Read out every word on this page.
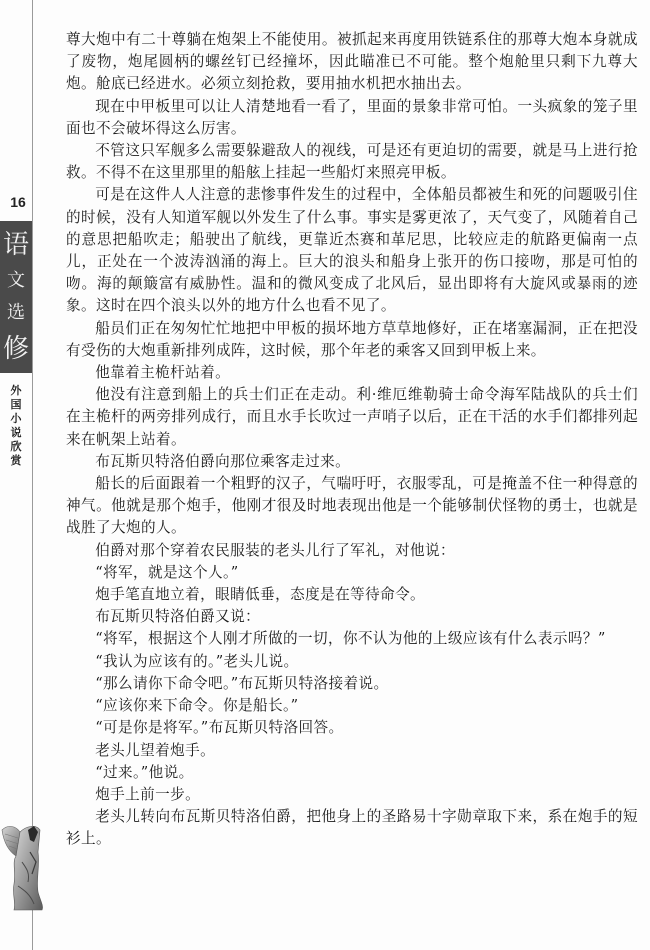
16
语
文
选
修
外
国
小
说
欣
赏

尊大炮中有二十尊躺在炮架上不能使用。被抓起来再度用铁链系住的那尊大炮本身就成了废物，炮尾圆柄的螺丝钉已经撞坏，因此瞄准已不可能。整个炮舱里只剩下九尊大炮。舱底已经进水。必须立刻抢救，要用抽水机把水抽出去。

现在中甲板里可以让人清楚地看一看了，里面的景象非常可怕。一头疯象的笼子里面也不会破坏得这么厉害。

不管这只军舰多么需要躲避敌人的视线，可是还有更迫切的需要，就是马上进行抢救。不得不在这里那里的船舷上挂起一些船灯来照亮甲板。

可是在这件人人注意的悲惨事件发生的过程中，全体船员都被生和死的问题吸引住的时候，没有人知道军舰以外发生了什么事。事实是雾更浓了，天气变了，风随着自己的意思把船吹走；船驶出了航线，更靠近杰赛和革尼思，比较应走的航路更偏南一点儿，正处在一个波涛汹涌的海上。巨大的浪头和船身上张开的伤口接吻，那是可怕的吻。海的颠簸富有威胁性。温和的微风变成了北风后，显出即将有大旋风或暴雨的迹象。这时在四个浪头以外的地方什么也看不见了。

船员们正在匆匆忙忙地把中甲板的损坏地方草草地修好，正在堵塞漏洞，正在把没有受伤的大炮重新排列成阵，这时候，那个年老的乘客又回到甲板上来。

他靠着主桅杆站着。

他没有注意到船上的兵士们正在走动。利·维厄维勒骑士命令海军陆战队的兵士们在主桅杆的两旁排列成行，而且水手长吹过一声哨子以后，正在干活的水手们都排列起来在帆架上站着。

布瓦斯贝特洛伯爵向那位乘客走过来。

船长的后面跟着一个粗野的汉子，气喘吁吁，衣服零乱，可是掩盖不住一种得意的神气。他就是那个炮手，他刚才很及时地表现出他是一个能够制伏怪物的勇士，也就是战胜了大炮的人。

伯爵对那个穿着农民服装的老头儿行了军礼，对他说：

“将军，就是这个人。”

炮手笔直地立着，眼睛低垂，态度是在等待命令。

布瓦斯贝特洛伯爵又说：

“将军，根据这个人刚才所做的一切，你不认为他的上级应该有什么表示吗？”

“我认为应该有的。”老头儿说。

“那么请你下命令吧。”布瓦斯贝特洛接着说。

“应该你来下命令。你是船长。”

“可是你是将军。”布瓦斯贝特洛回答。

老头儿望着炮手。

“过来。”他说。

炮手上前一步。

老头儿转向布瓦斯贝特洛伯爵，把他身上的圣路易十字勋章取下来，系在炮手的短衫上。
